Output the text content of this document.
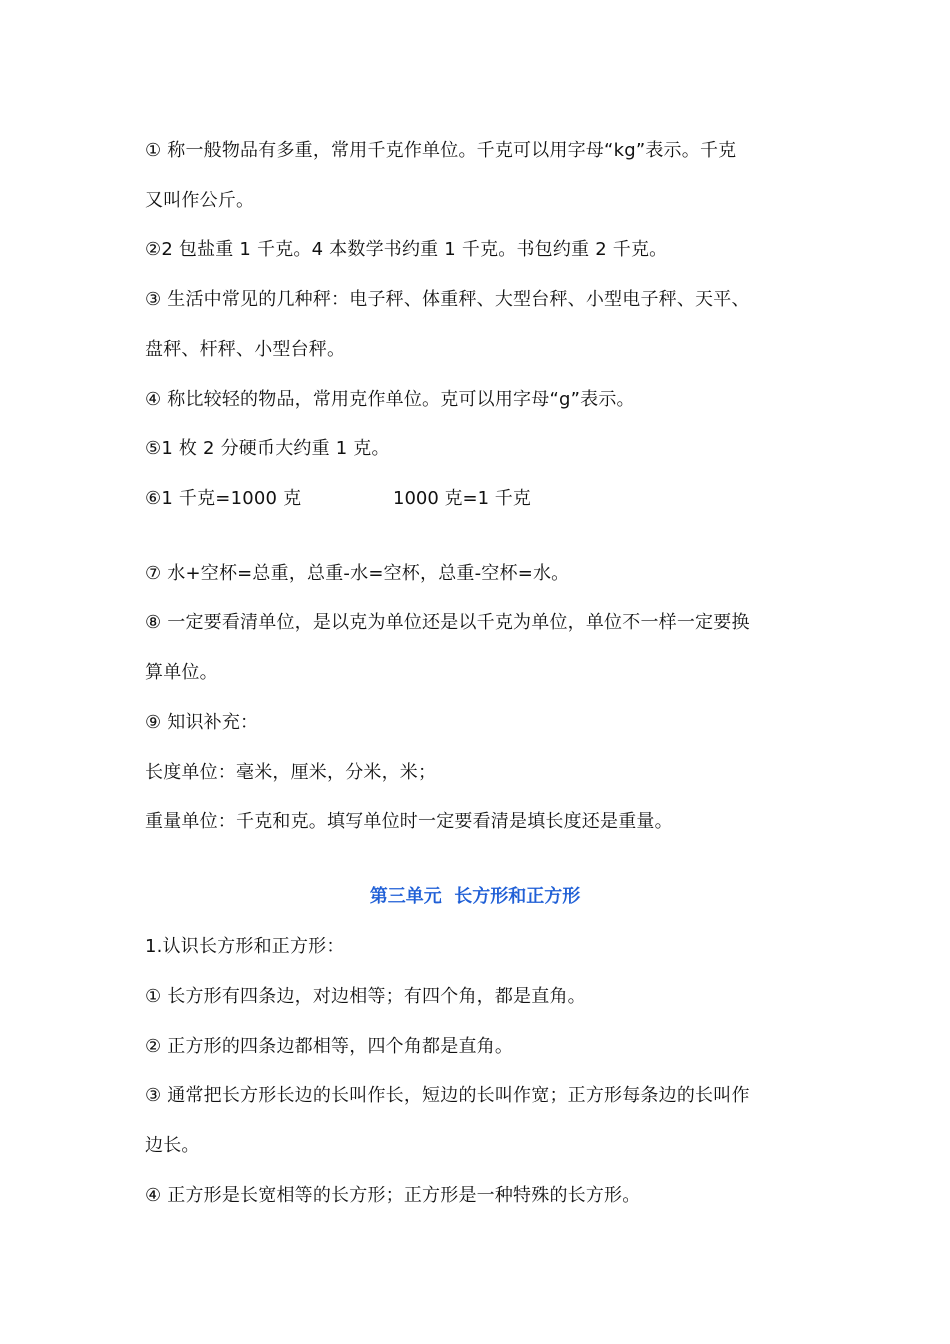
① 称一般物品有多重，常用千克作单位。千克可以用字母“kg”表示。千克
又叫作公斤。
②2 包盐重 1 千克。4 本数学书约重 1 千克。书包约重 2 千克。
③ 生活中常见的几种秤：电子秤、体重秤、大型台秤、小型电子秤、天平、
盘秤、杆秤、小型台秤。
④ 称比较轻的物品，常用克作单位。克可以用字母“g”表示。
⑤1 枚 2 分硬币大约重 1 克。
⑥1 千克=1000 克	1000 克=1 千克
⑦ 水+空杯=总重，总重-水=空杯，总重-空杯=水。
⑧ 一定要看清单位，是以克为单位还是以千克为单位，单位不一样一定要换
算单位。
⑨ 知识补充：
长度单位：毫米，厘米，分米，米；
重量单位：千克和克。填写单位时一定要看清是填长度还是重量。
第三单元  长方形和正方形
1.认识长方形和正方形：
① 长方形有四条边，对边相等；有四个角，都是直角。
② 正方形的四条边都相等，四个角都是直角。
③ 通常把长方形长边的长叫作长，短边的长叫作宽；正方形每条边的长叫作
边长。
④ 正方形是长宽相等的长方形；正方形是一种特殊的长方形。
